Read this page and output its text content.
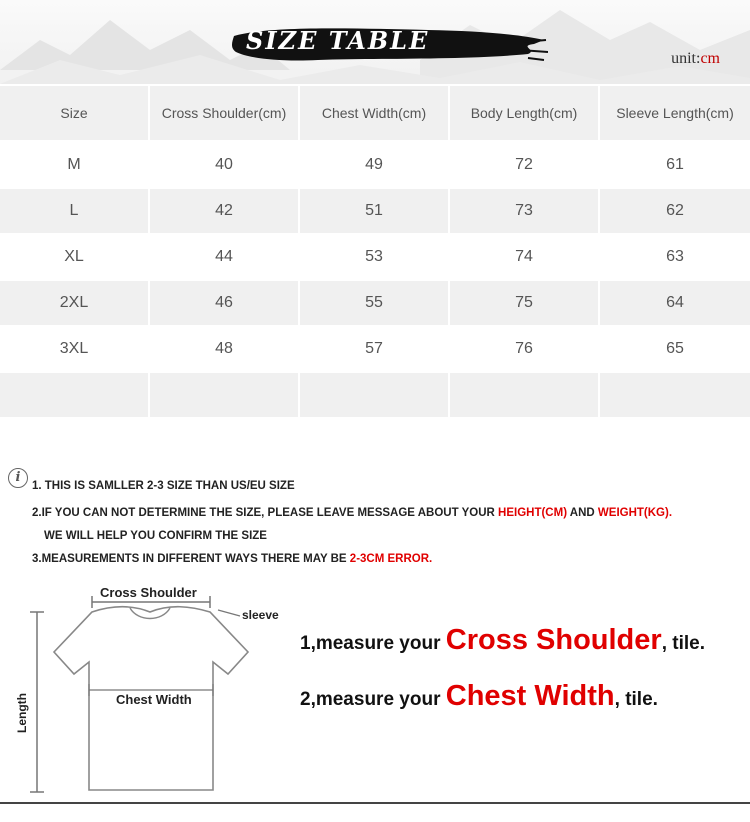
SIZE TABLE
unit:cm
Size	Cross Shoulder(cm)	Chest Width(cm)	Body Length(cm)	Sleeve Length(cm)
M	40	49	72	61
L	42	51	73	62
XL	44	53	74	63
2XL	46	55	75	64
3XL	48	57	76	65
i
1. THIS IS SAMLLER 2-3 SIZE THAN US/EU SIZE
2.IF YOU CAN NOT DETERMINE THE SIZE, PLEASE LEAVE MESSAGE ABOUT YOUR HEIGHT(CM) AND WEIGHT(KG).
WE WILL HELP YOU CONFIRM THE SIZE
3.MEASUREMENTS IN DIFFERENT WAYS THERE MAY BE 2-3CM ERROR.
Cross Shoulder
sleeve
Chest Width
Length
1,measure your Cross Shoulder, tile.
2,measure your Chest Width, tile.
